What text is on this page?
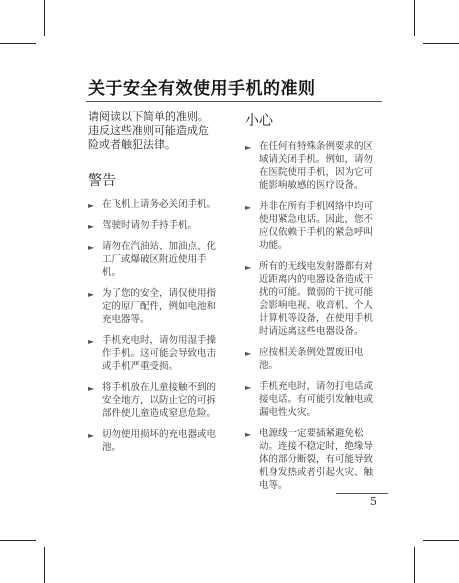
关于安全有效使用手机的准则

请阅读以下简单的准则。违反这些准则可能造成危险或者触犯法律。

警告
► 在飞机上请务必关闭手机。
► 驾驶时请勿手持手机。
► 请勿在汽油站、加油点、化工厂或爆破区附近使用手机。
► 为了您的安全，请仅使用指定的原厂配件，例如电池和充电器等。
► 手机充电时，请勿用湿手操作手机。这可能会导致电击或手机严重受损。
► 将手机放在儿童接触不到的安全地方，以防止它的可拆部件使儿童造成窒息危险。
► 切勿使用损坏的充电器或电池。
小心
► 在任何有特殊条例要求的区域请关闭手机。例如，请勿在医院使用手机，因为它可能影响敏感的医疗设备。
► 并非在所有手机网络中均可使用紧急电话。因此，您不应仅依赖于手机的紧急呼叫功能。
► 所有的无线电发射器都有对近距离内的电器设备造成干扰的可能。微弱的干扰可能会影响电视、收音机、个人计算机等设备，在使用手机时请远离这些电器设备。
► 应按相关条例处置废旧电池。
► 手机充电时，请勿打电话或接电话。有可能引发触电或漏电性火灾。
► 电源线一定要插紧避免松动。连接不稳定时，绝缘导体的部分断裂，有可能导致机身发热或者引起火灾、触电等。
5
